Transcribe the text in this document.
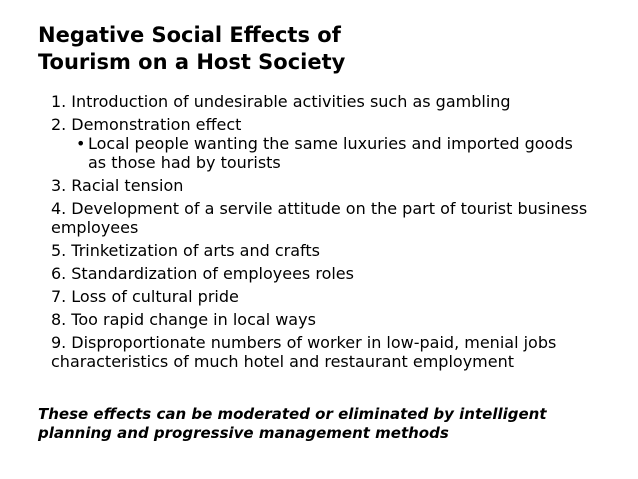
Negative Social Effects of
Tourism on a Host Society
1. Introduction of undesirable activities such as gambling
2. Demonstration effect
• Local people wanting the same luxuries and imported goods as those had by tourists
3. Racial tension
4. Development of a servile attitude on the part of tourist business employees
5. Trinketization of arts and crafts
6. Standardization of employees roles
7. Loss of cultural pride
8. Too rapid change in local ways
9. Disproportionate numbers of worker in low-paid, menial jobs characteristics of much hotel and restaurant employment

These effects can be moderated or eliminated by intelligent
planning and progressive management methods
